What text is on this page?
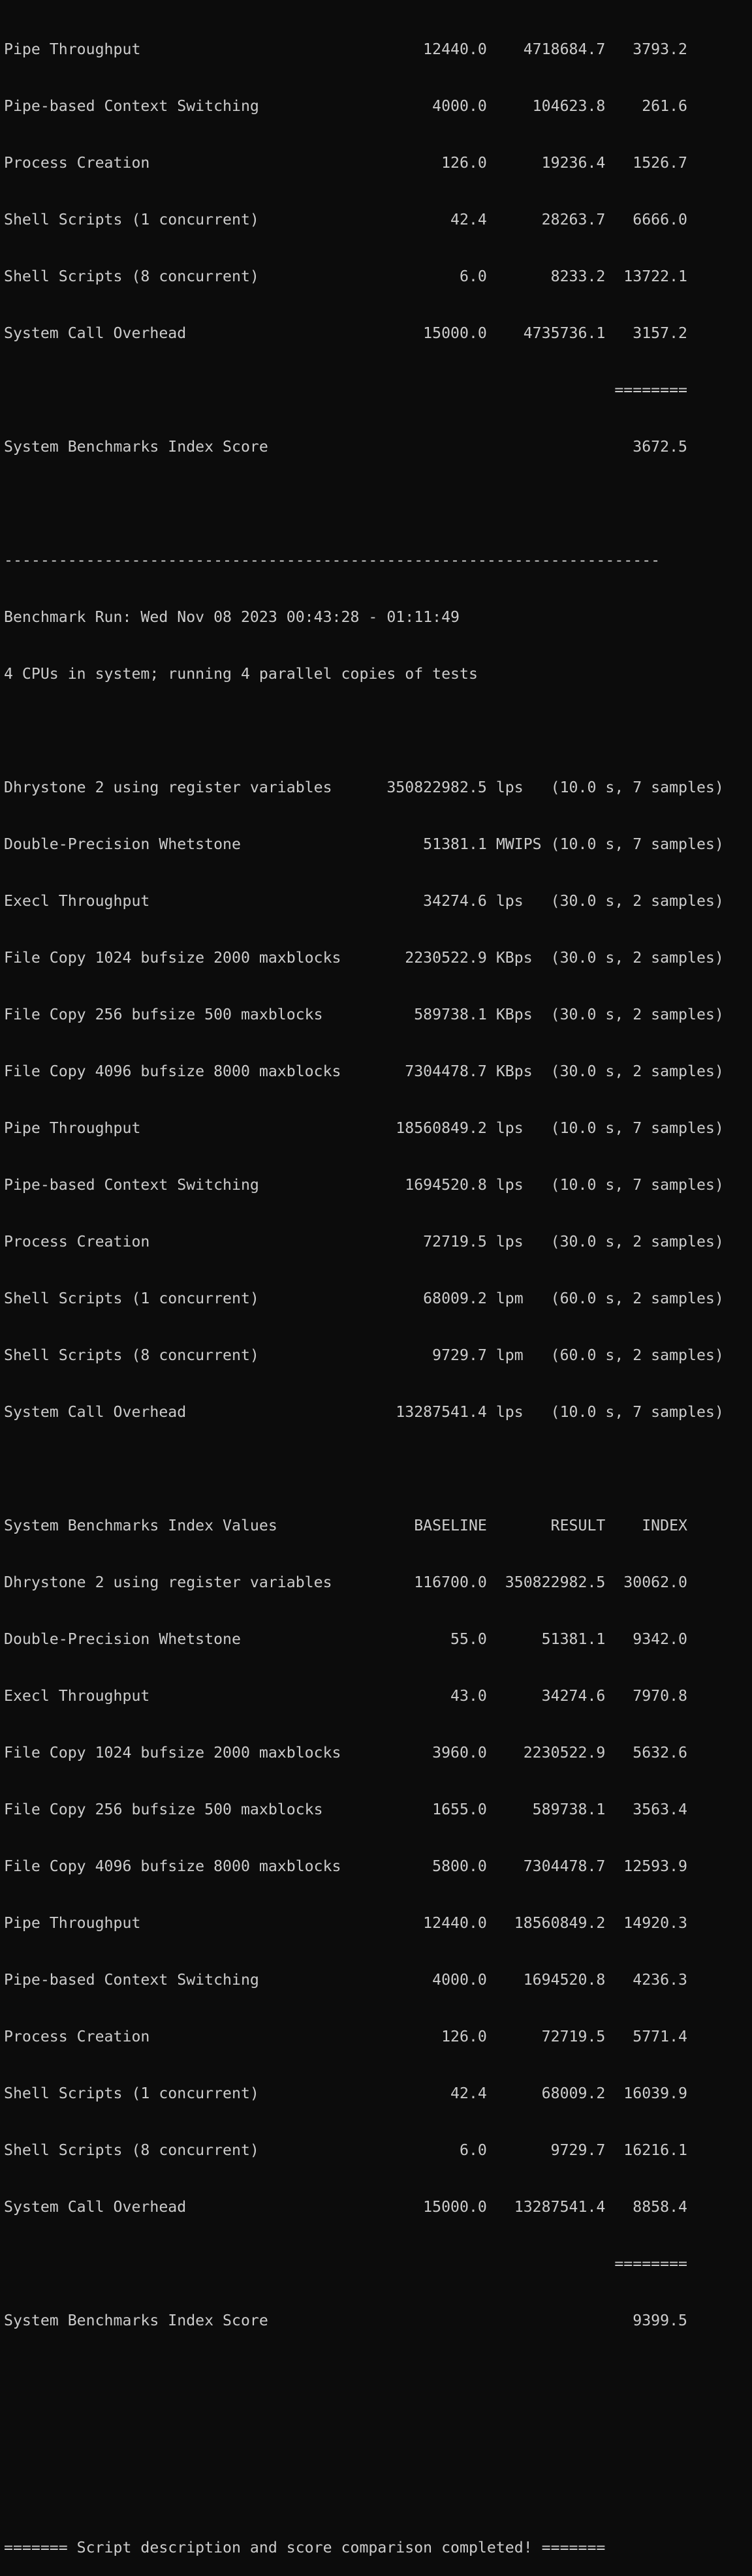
Pipe Throughput                               12440.0    4718684.7   3793.2

Pipe-based Context Switching                   4000.0     104623.8    261.6

Process Creation                                126.0      19236.4   1526.7

Shell Scripts (1 concurrent)                     42.4      28263.7   6666.0

Shell Scripts (8 concurrent)                      6.0       8233.2  13722.1

System Call Overhead                          15000.0    4735736.1   3157.2

========

System Benchmarks Index Score                                        3672.5

------------------------------------------------------------------------

Benchmark Run: Wed Nov 08 2023 00:43:28 - 01:11:49

4 CPUs in system; running 4 parallel copies of tests

Dhrystone 2 using register variables      350822982.5 lps   (10.0 s, 7 samples)

Double-Precision Whetstone                    51381.1 MWIPS (10.0 s, 7 samples)

Execl Throughput                              34274.6 lps   (30.0 s, 2 samples)

File Copy 1024 bufsize 2000 maxblocks       2230522.9 KBps  (30.0 s, 2 samples)

File Copy 256 bufsize 500 maxblocks          589738.1 KBps  (30.0 s, 2 samples)

File Copy 4096 bufsize 8000 maxblocks       7304478.7 KBps  (30.0 s, 2 samples)

Pipe Throughput                            18560849.2 lps   (10.0 s, 7 samples)

Pipe-based Context Switching                1694520.8 lps   (10.0 s, 7 samples)

Process Creation                              72719.5 lps   (30.0 s, 2 samples)

Shell Scripts (1 concurrent)                  68009.2 lpm   (60.0 s, 2 samples)

Shell Scripts (8 concurrent)                   9729.7 lpm   (60.0 s, 2 samples)

System Call Overhead                       13287541.4 lps   (10.0 s, 7 samples)

System Benchmarks Index Values               BASELINE       RESULT    INDEX

Dhrystone 2 using register variables         116700.0  350822982.5  30062.0

Double-Precision Whetstone                       55.0      51381.1   9342.0

Execl Throughput                                 43.0      34274.6   7970.8

File Copy 1024 bufsize 2000 maxblocks          3960.0    2230522.9   5632.6

File Copy 256 bufsize 500 maxblocks            1655.0     589738.1   3563.4

File Copy 4096 bufsize 8000 maxblocks          5800.0    7304478.7  12593.9

Pipe Throughput                               12440.0   18560849.2  14920.3

Pipe-based Context Switching                   4000.0    1694520.8   4236.3

Process Creation                                126.0      72719.5   5771.4

Shell Scripts (1 concurrent)                     42.4      68009.2  16039.9

Shell Scripts (8 concurrent)                      6.0       9729.7  16216.1

System Call Overhead                          15000.0   13287541.4   8858.4

========

System Benchmarks Index Score                                        9399.5

======= Script description and score comparison completed! =======
